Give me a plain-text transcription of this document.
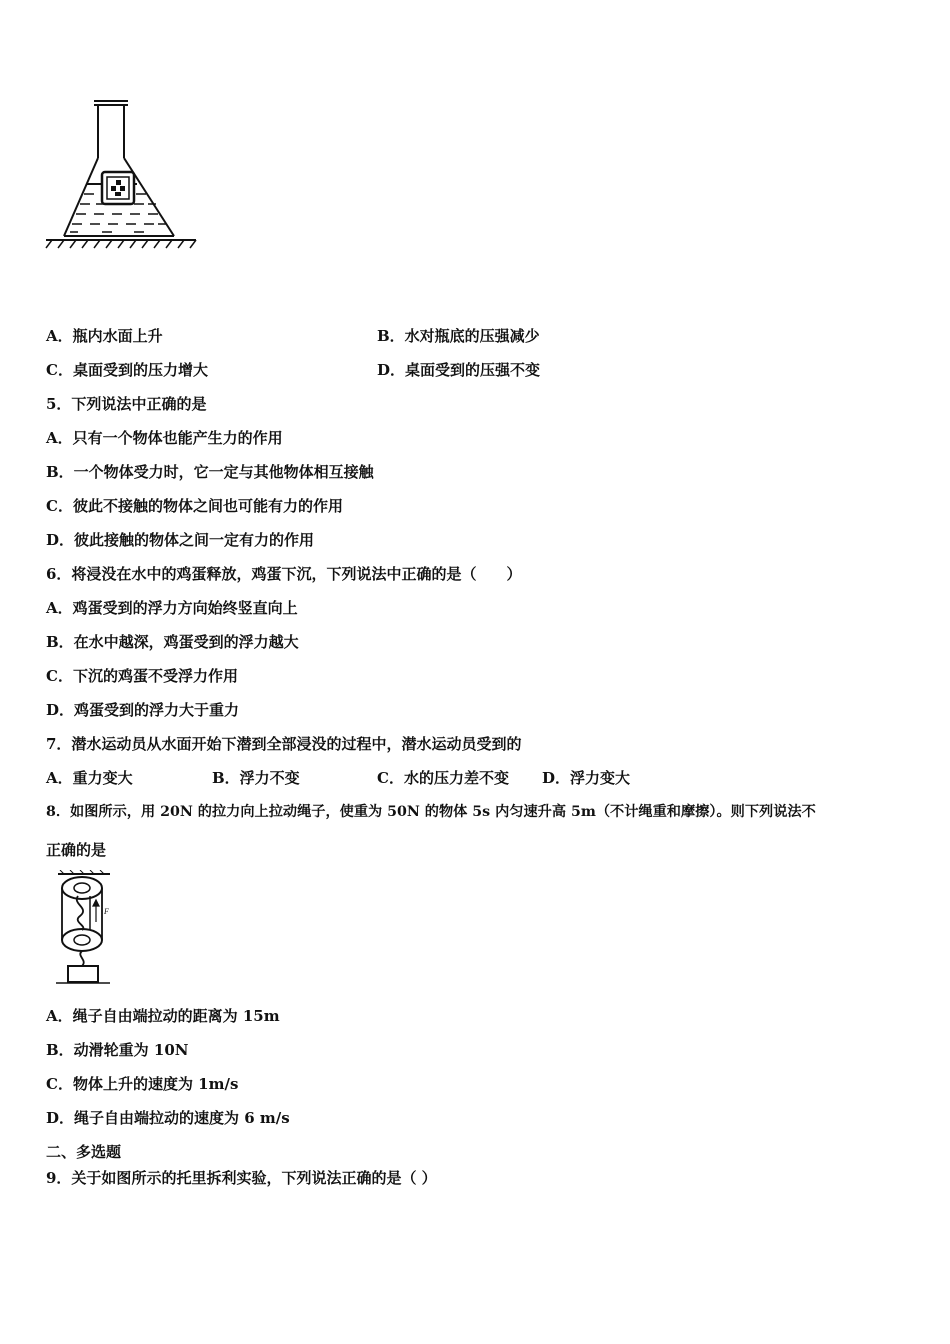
A．瓶内水面上升	B．水对瓶底的压强减少
C．桌面受到的压力增大	D．桌面受到的压强不变
5．下列说法中正确的是
A．只有一个物体也能产生力的作用
B．一个物体受力时，它一定与其他物体相互接触
C．彼此不接触的物体之间也可能有力的作用
D．彼此接触的物体之间一定有力的作用
6．将浸没在水中的鸡蛋释放，鸡蛋下沉，下列说法中正确的是（　　）
A．鸡蛋受到的浮力方向始终竖直向上
B．在水中越深，鸡蛋受到的浮力越大
C．下沉的鸡蛋不受浮力作用
D．鸡蛋受到的浮力大于重力
7．潜水运动员从水面开始下潜到全部浸没的过程中，潜水运动员受到的
A．重力变大	B．浮力不变	C．水的压力差不变 D．浮力变大
8．如图所示，用 20N 的拉力向上拉动绳子，使重为 50N 的物体 5s 内匀速升高 5m（不计绳重和摩擦）。则下列说法不
正确的是
F
A．绳子自由端拉动的距离为 15m
B．动滑轮重为 10N
C．物体上升的速度为 1m/s
D．绳子自由端拉动的速度为 6 m/s
二、多选题
9．关于如图所示的托里拆利实验，下列说法正确的是（ ）
